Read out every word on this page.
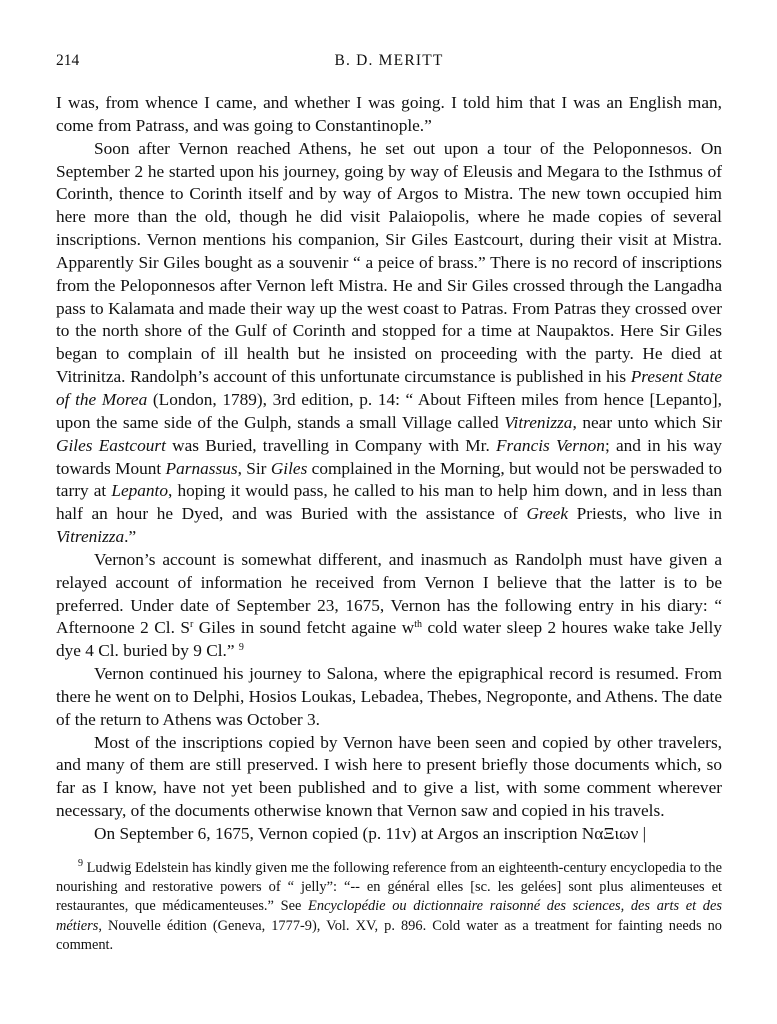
214	B. D. MERITT

I was, from whence I came, and whether I was going. I told him that I was an English man, come from Patrass, and was going to Constantinople.”

Soon after Vernon reached Athens, he set out upon a tour of the Peloponnesos. On September 2 he started upon his journey, going by way of Eleusis and Megara to the Isthmus of Corinth, thence to Corinth itself and by way of Argos to Mistra. The new town occupied him here more than the old, though he did visit Palaiopolis, where he made copies of several inscriptions. Vernon mentions his companion, Sir Giles Eastcourt, during their visit at Mistra. Apparently Sir Giles bought as a souvenir “ a peice of brass.” There is no record of inscriptions from the Peloponnesos after Vernon left Mistra. He and Sir Giles crossed through the Langadha pass to Kalamata and made their way up the west coast to Patras. From Patras they crossed over to the north shore of the Gulf of Corinth and stopped for a time at Naupaktos. Here Sir Giles began to complain of ill health but he insisted on proceeding with the party. He died at Vitrinitza. Randolph’s account of this unfortunate circumstance is published in his Present State of the Morea (London, 1789), 3rd edition, p. 14: “ About Fifteen miles from hence [Lepanto], upon the same side of the Gulph, stands a small Village called Vitrenizza, near unto which Sir Giles Eastcourt was Buried, travelling in Company with Mr. Francis Vernon; and in his way towards Mount Parnassus, Sir Giles complained in the Morning, but would not be perswaded to tarry at Lepanto, hoping it would pass, he called to his man to help him down, and in less than half an hour he Dyed, and was Buried with the assistance of Greek Priests, who live in Vitrenizza.”

Vernon’s account is somewhat different, and inasmuch as Randolph must have given a relayed account of information he received from Vernon I believe that the latter is to be preferred. Under date of September 23, 1675, Vernon has the following entry in his diary: “ Afternoone 2 Cl. $S^r$ Giles in sound fetcht againe $w^{th}$ cold water sleep 2 houres wake take Jelly dye 4 Cl. buried by 9 Cl.” $^9$

Vernon continued his journey to Salona, where the epigraphical record is resumed. From there he went on to Delphi, Hosios Loukas, Lebadea, Thebes, Negroponte, and Athens. The date of the return to Athens was October 3.

Most of the inscriptions copied by Vernon have been seen and copied by other travelers, and many of them are still preserved. I wish here to present briefly those documents which, so far as I know, have not yet been published and to give a list, with some comment wherever necessary, of the documents otherwise known that Vernon saw and copied in his travels.

On September 6, 1675, Vernon copied (p. 11v) at Argos an inscription ΝαΞιων |

$^9$ Ludwig Edelstein has kindly given me the following reference from an eighteenth-century encyclopedia to the nourishing and restorative powers of “ jelly”: “-- en général elles [sc. les gelées] sont plus alimenteuses et restaurantes, que médicamenteuses.” See Encyclopédie ou dictionnaire raisonné des sciences, des arts et des métiers, Nouvelle édition (Geneva, 1777-9), Vol. XV, p. 896. Cold water as a treatment for fainting needs no comment.
